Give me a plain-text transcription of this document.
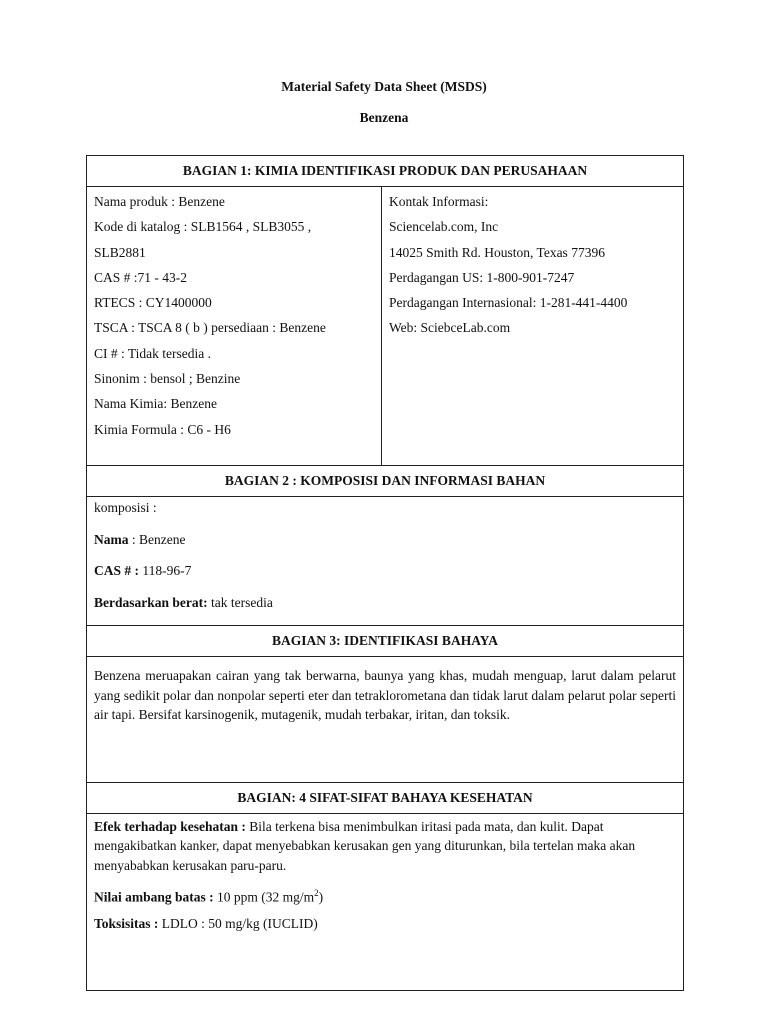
Material Safety Data Sheet (MSDS)
Benzena
BAGIAN 1: KIMIA IDENTIFIKASI PRODUK DAN PERUSAHAAN

Nama produk : Benzene
Kode di katalog : SLB1564 , SLB3055 ,
SLB2881
CAS # :71 - 43-2
RTECS : CY1400000
TSCA : TSCA 8 ( b ) persediaan : Benzene
CI # : Tidak tersedia .
Sinonim : bensol ; Benzine
Nama Kimia: Benzene
Kimia Formula : C6 - H6

Kontak Informasi:
Sciencelab.com, Inc
14025 Smith Rd. Houston, Texas 77396
Perdagangan US: 1-800-901-7247
Perdagangan Internasional: 1-281-441-4400
Web: SciebceLab.com

BAGIAN 2 : KOMPOSISI DAN INFORMASI BAHAN

komposisi :
Nama : Benzene
CAS # : 118-96-7
Berdasarkan berat: tak tersedia

BAGIAN 3: IDENTIFIKASI BAHAYA

Benzena meruapakan cairan yang tak berwarna, baunya yang khas, mudah menguap, larut dalam pelarut yang sedikit polar dan nonpolar seperti eter dan tetraklorometana dan tidak larut dalam pelarut polar seperti air tapi. Bersifat karsinogenik, mutagenik, mudah terbakar, iritan, dan toksik.

BAGIAN: 4 SIFAT-SIFAT BAHAYA KESEHATAN

Efek terhadap kesehatan : Bila terkena bisa menimbulkan iritasi pada mata, dan kulit. Dapat mengakibatkan kanker, dapat menyebabkan kerusakan gen yang diturunkan, bila tertelan maka akan menyababkan kerusakan paru-paru.

Nilai ambang batas : 10 ppm (32 $mg/m^2$)
Toksisitas : LDLO : 50 mg/kg (IUCLID)
